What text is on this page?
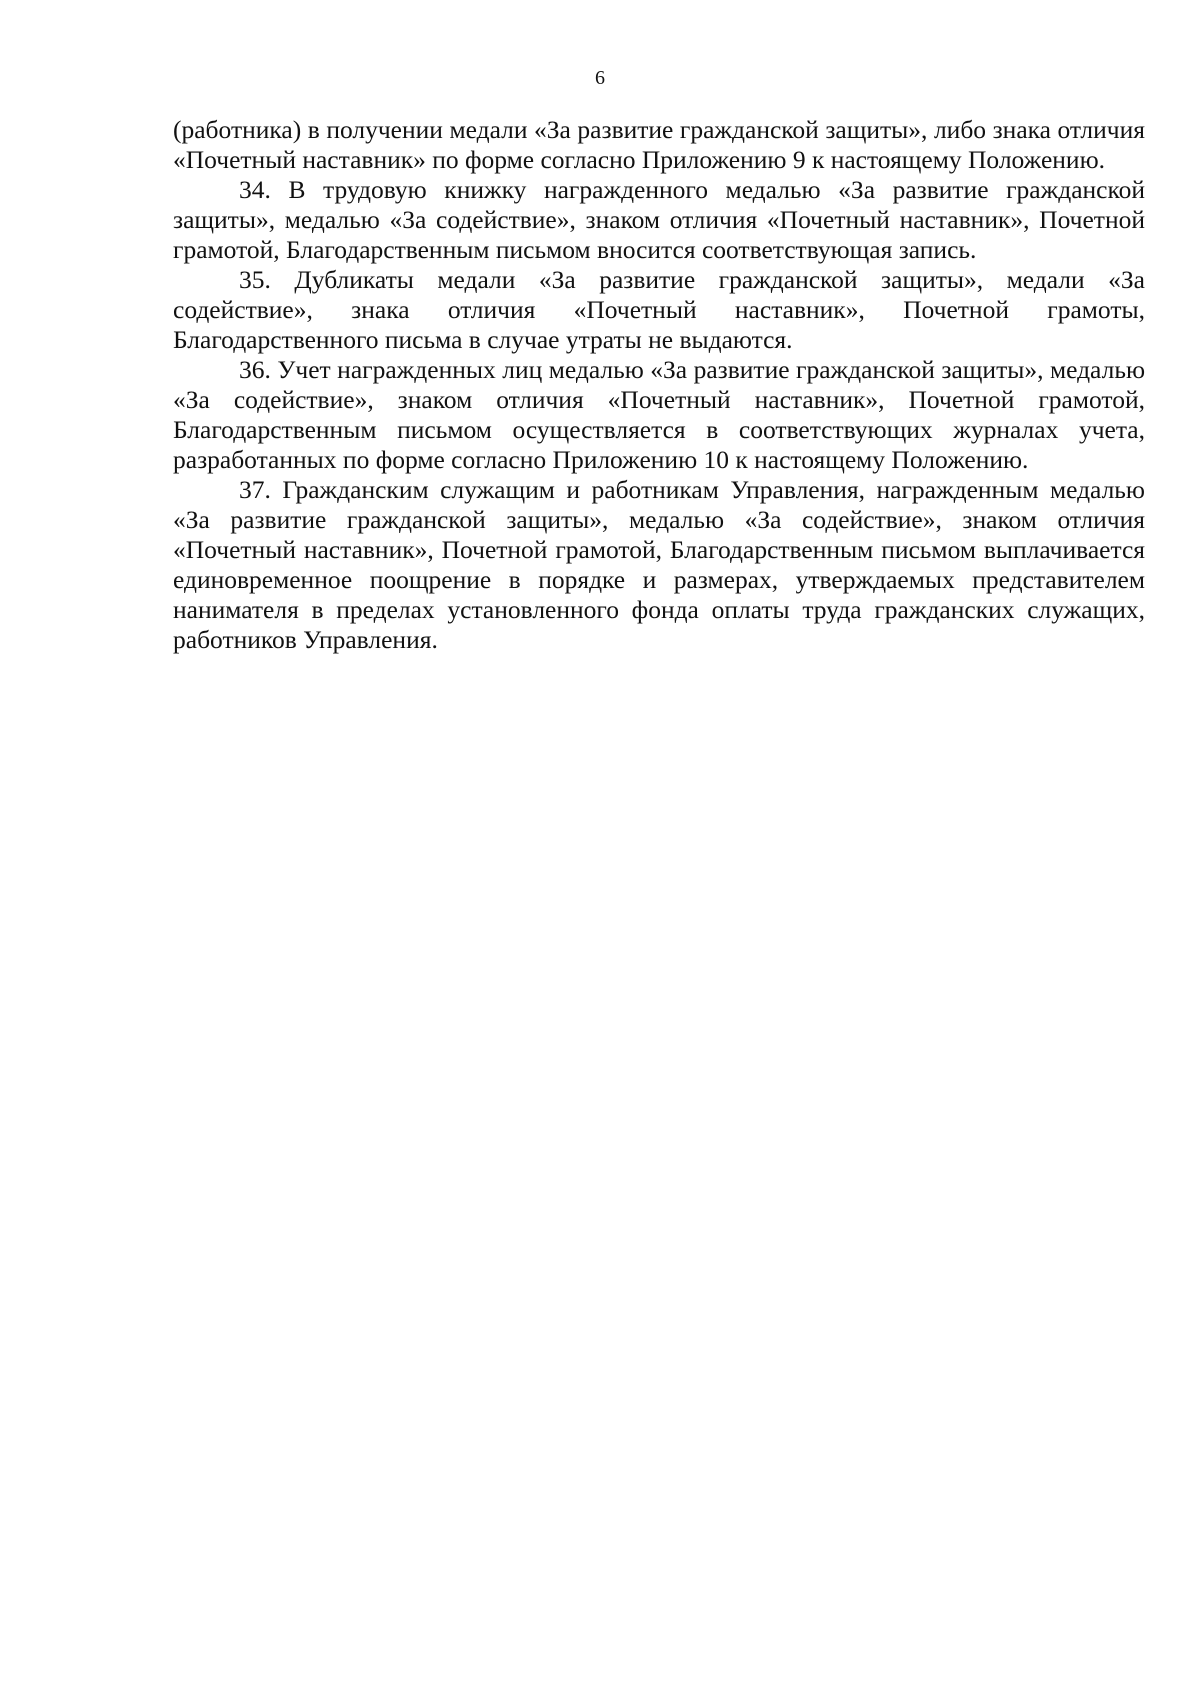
6

(работника) в получении медали «За развитие гражданской защиты», либо знака отличия «Почетный наставник» по форме согласно Приложению 9 к настоящему Положению.

34. В трудовую книжку награжденного медалью «За развитие гражданской защиты», медалью «За содействие», знаком отличия «Почетный наставник», Почетной грамотой, Благодарственным письмом вносится соответствующая запись.

35. Дубликаты медали «За развитие гражданской защиты», медали «За содействие», знака отличия «Почетный наставник», Почетной грамоты, Благодарственного письма в случае утраты не выдаются.

36. Учет награжденных лиц медалью «За развитие гражданской защиты», медалью «За содействие», знаком отличия «Почетный наставник», Почетной грамотой, Благодарственным письмом осуществляется в соответствующих журналах учета, разработанных по форме согласно Приложению 10 к настоящему Положению.

37. Гражданским служащим и работникам Управления, награжденным медалью «За развитие гражданской защиты», медалью «За содействие», знаком отличия «Почетный наставник», Почетной грамотой, Благодарственным письмом выплачивается единовременное поощрение в порядке и размерах, утверждаемых представителем нанимателя в пределах установленного фонда оплаты труда гражданских служащих, работников Управления.
